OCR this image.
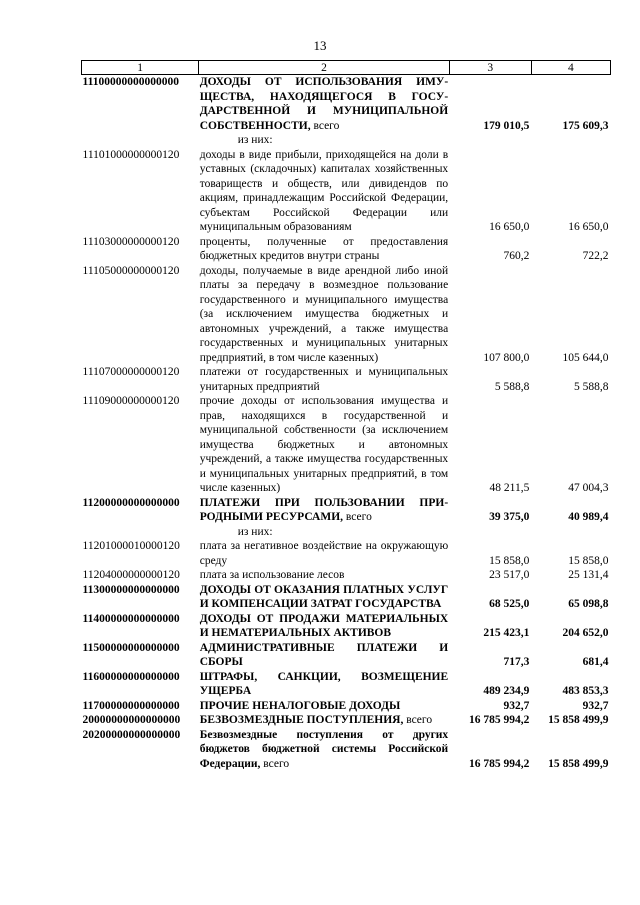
13
1	2	3	4
11100000000000000	ДОХОДЫ ОТ ИСПОЛЬЗОВАНИЯ ИМУЩЕСТВА, НАХОДЯЩЕГОСЯ В ГОСУДАРСТВЕННОЙ И МУНИЦИПАЛЬНОЙ СОБСТВЕННОСТИ, всего	179 010,5	175 609,3

	из них:		

11101000000000120	доходы в виде прибыли, приходящейся на доли в уставных (складочных) капиталах хозяйственных товариществ и обществ, или дивидендов по акциям, принадлежащим Российской Федерации, субъектам Российской Федерации или муниципальным образованиям	16 650,0	16 650,0
11103000000000120	проценты, полученные от предоставления бюджетных кредитов внутри страны	760,2	722,2
11105000000000120	доходы, получаемые в виде арендной либо иной платы за передачу в возмездное пользование государственного и муниципального имущества (за исключением имущества бюджетных и автономных учреждений, а также имущества государственных и муниципальных унитарных предприятий, в том числе казенных)	107 800,0	105 644,0
11107000000000120	платежи от государственных и муниципальных унитарных предприятий	5 588,8	5 588,8
11109000000000120	прочие доходы от использования имущества и прав, находящихся в государственной и муниципальной собственности (за исключением имущества бюджетных и автономных учреждений, а также имущества государственных и муниципальных унитарных предприятий, в том числе казенных)	48 211,5	47 004,3
11200000000000000	ПЛАТЕЖИ ПРИ ПОЛЬЗОВАНИИ ПРИРОДНЫМИ РЕСУРСАМИ, всего	39 375,0	40 989,4

	из них:		

11201000010000120	плата за негативное воздействие на окружающую среду	15 858,0	15 858,0
11204000000000120	плата за использование лесов	23 517,0	25 131,4
11300000000000000	ДОХОДЫ ОТ ОКАЗАНИЯ ПЛАТНЫХ УСЛУГ И КОМПЕНСАЦИИ ЗАТРАТ ГОСУДАРСТВА	68 525,0	65 098,8
11400000000000000	ДОХОДЫ ОТ ПРОДАЖИ МАТЕРИАЛЬНЫХ И НЕМАТЕРИАЛЬНЫХ АКТИВОВ	215 423,1	204 652,0
11500000000000000	АДМИНИСТРАТИВНЫЕ ПЛАТЕЖИ И СБОРЫ	717,3	681,4
11600000000000000	ШТРАФЫ, САНКЦИИ, ВОЗМЕЩЕНИЕ УЩЕРБА	489 234,9	483 853,3
11700000000000000	ПРОЧИЕ НЕНАЛОГОВЫЕ ДОХОДЫ	932,7	932,7
20000000000000000	БЕЗВОЗМЕЗДНЫЕ ПОСТУПЛЕНИЯ, всего	16 785 994,2	15 858 499,9
20200000000000000	Безвозмездные поступления от других бюджетов бюджетной системы Российской Федерации, всего	16 785 994,2	15 858 499,9
